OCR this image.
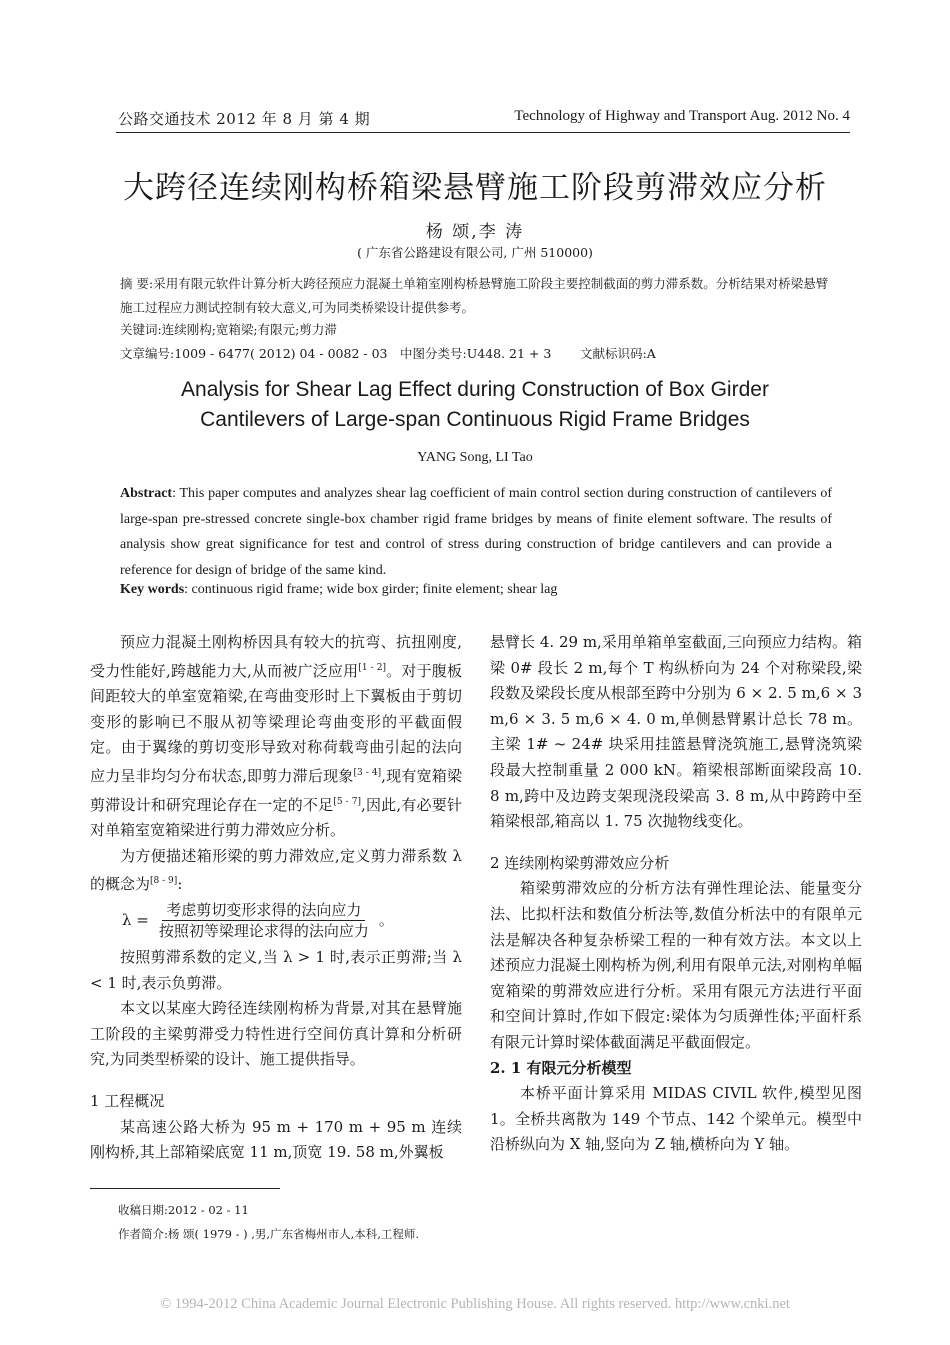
公路交通技术 2012 年 8 月 第 4 期	Technology of Highway and Transport Aug. 2012 No. 4
大跨径连续刚构桥箱梁悬臂施工阶段剪滞效应分析
杨 颂,李 涛
( 广东省公路建设有限公司, 广州 510000)
摘 要:采用有限元软件计算分析大跨径预应力混凝土单箱室刚构桥悬臂施工阶段主要控制截面的剪力滞系数。分析结果对桥梁悬臂施工过程应力测试控制有较大意义,可为同类桥梁设计提供参考。
关键词:连续刚构;宽箱梁;有限元;剪力滞
文章编号:1009 - 6477( 2012) 04 - 0082 - 03 中图分类号:U448. 21 + 3 文献标识码:A
Analysis for Shear Lag Effect during Construction of Box Girder
Cantilevers of Large-span Continuous Rigid Frame Bridges
YANG Song, LI Tao
Abstract: This paper computes and analyzes shear lag coefficient of main control section during construction of cantilevers of large-span pre-stressed concrete single-box chamber rigid frame bridges by means of finite element software. The results of analysis show great significance for test and control of stress during construction of bridge cantilevers and can provide a reference for design of bridge of the same kind.
Key words: continuous rigid frame; wide box girder; finite element; shear lag

预应力混凝土刚构桥因具有较大的抗弯、抗扭刚度,受力性能好,跨越能力大,从而被广泛应用[1 - 2]。对于腹板间距较大的单室宽箱梁,在弯曲变形时上下翼板由于剪切变形的影响已不服从初等梁理论弯曲变形的平截面假定。由于翼缘的剪切变形导致对称荷载弯曲引起的法向应力呈非均匀分布状态,即剪力滞后现象[3 - 4],现有宽箱梁剪滞设计和研究理论存在一定的不足[5 - 7],因此,有必要针对单箱室宽箱梁进行剪力滞效应分析。

为方便描述箱形梁的剪力滞效应,定义剪力滞系数 λ 的概念为[8 - 9]:

$\lambda = \frac{\text{考虑剪切变形求得的法向应力}}{\text{按照初等梁理论求得的法向应力}}$ 。

按照剪滞系数的定义,当 λ > 1 时,表示正剪滞;当 λ < 1 时,表示负剪滞。

本文以某座大跨径连续刚构桥为背景,对其在悬臂施工阶段的主梁剪滞受力特性进行空间仿真计算和分析研究,为同类型桥梁的设计、施工提供指导。

1 工程概况

某高速公路大桥为 95 m + 170 m + 95 m 连续刚构桥,其上部箱梁底宽 11 m,顶宽 19. 58 m,外翼板

悬臂长 4. 29 m,采用单箱单室截面,三向预应力结构。箱梁 0# 段长 2 m,每个 T 构纵桥向为 24 个对称梁段,梁段数及梁段长度从根部至跨中分别为 6 × 2. 5 m,6 × 3 m,6 × 3. 5 m,6 × 4. 0 m,单侧悬臂累计总长 78 m。主梁 1# ~ 24# 块采用挂篮悬臂浇筑施工,悬臂浇筑梁段最大控制重量 2 000 kN。箱梁根部断面梁段高 10. 8 m,跨中及边跨支架现浇段梁高 3. 8 m,从中跨跨中至箱梁根部,箱高以 1. 75 次抛物线变化。

2 连续刚构梁剪滞效应分析

箱梁剪滞效应的分析方法有弹性理论法、能量变分法、比拟杆法和数值分析法等,数值分析法中的有限单元法是解决各种复杂桥梁工程的一种有效方法。本文以上述预应力混凝土刚构桥为例,利用有限单元法,对刚构单幅宽箱梁的剪滞效应进行分析。采用有限元方法进行平面和空间计算时,作如下假定:梁体为匀质弹性体;平面杆系有限元计算时梁体截面满足平截面假定。

2. 1 有限元分析模型

本桥平面计算采用 MIDAS CIVIL 软件,模型见图 1。全桥共离散为 149 个节点、142 个梁单元。模型中沿桥纵向为 X 轴,竖向为 Z 轴,横桥向为 Y 轴。

收稿日期:2012 - 02 - 11
作者简介:杨 颂( 1979 - ) ,男,广东省梅州市人,本科,工程师.
© 1994-2012 China Academic Journal Electronic Publishing House. All rights reserved. http://www.cnki.net
